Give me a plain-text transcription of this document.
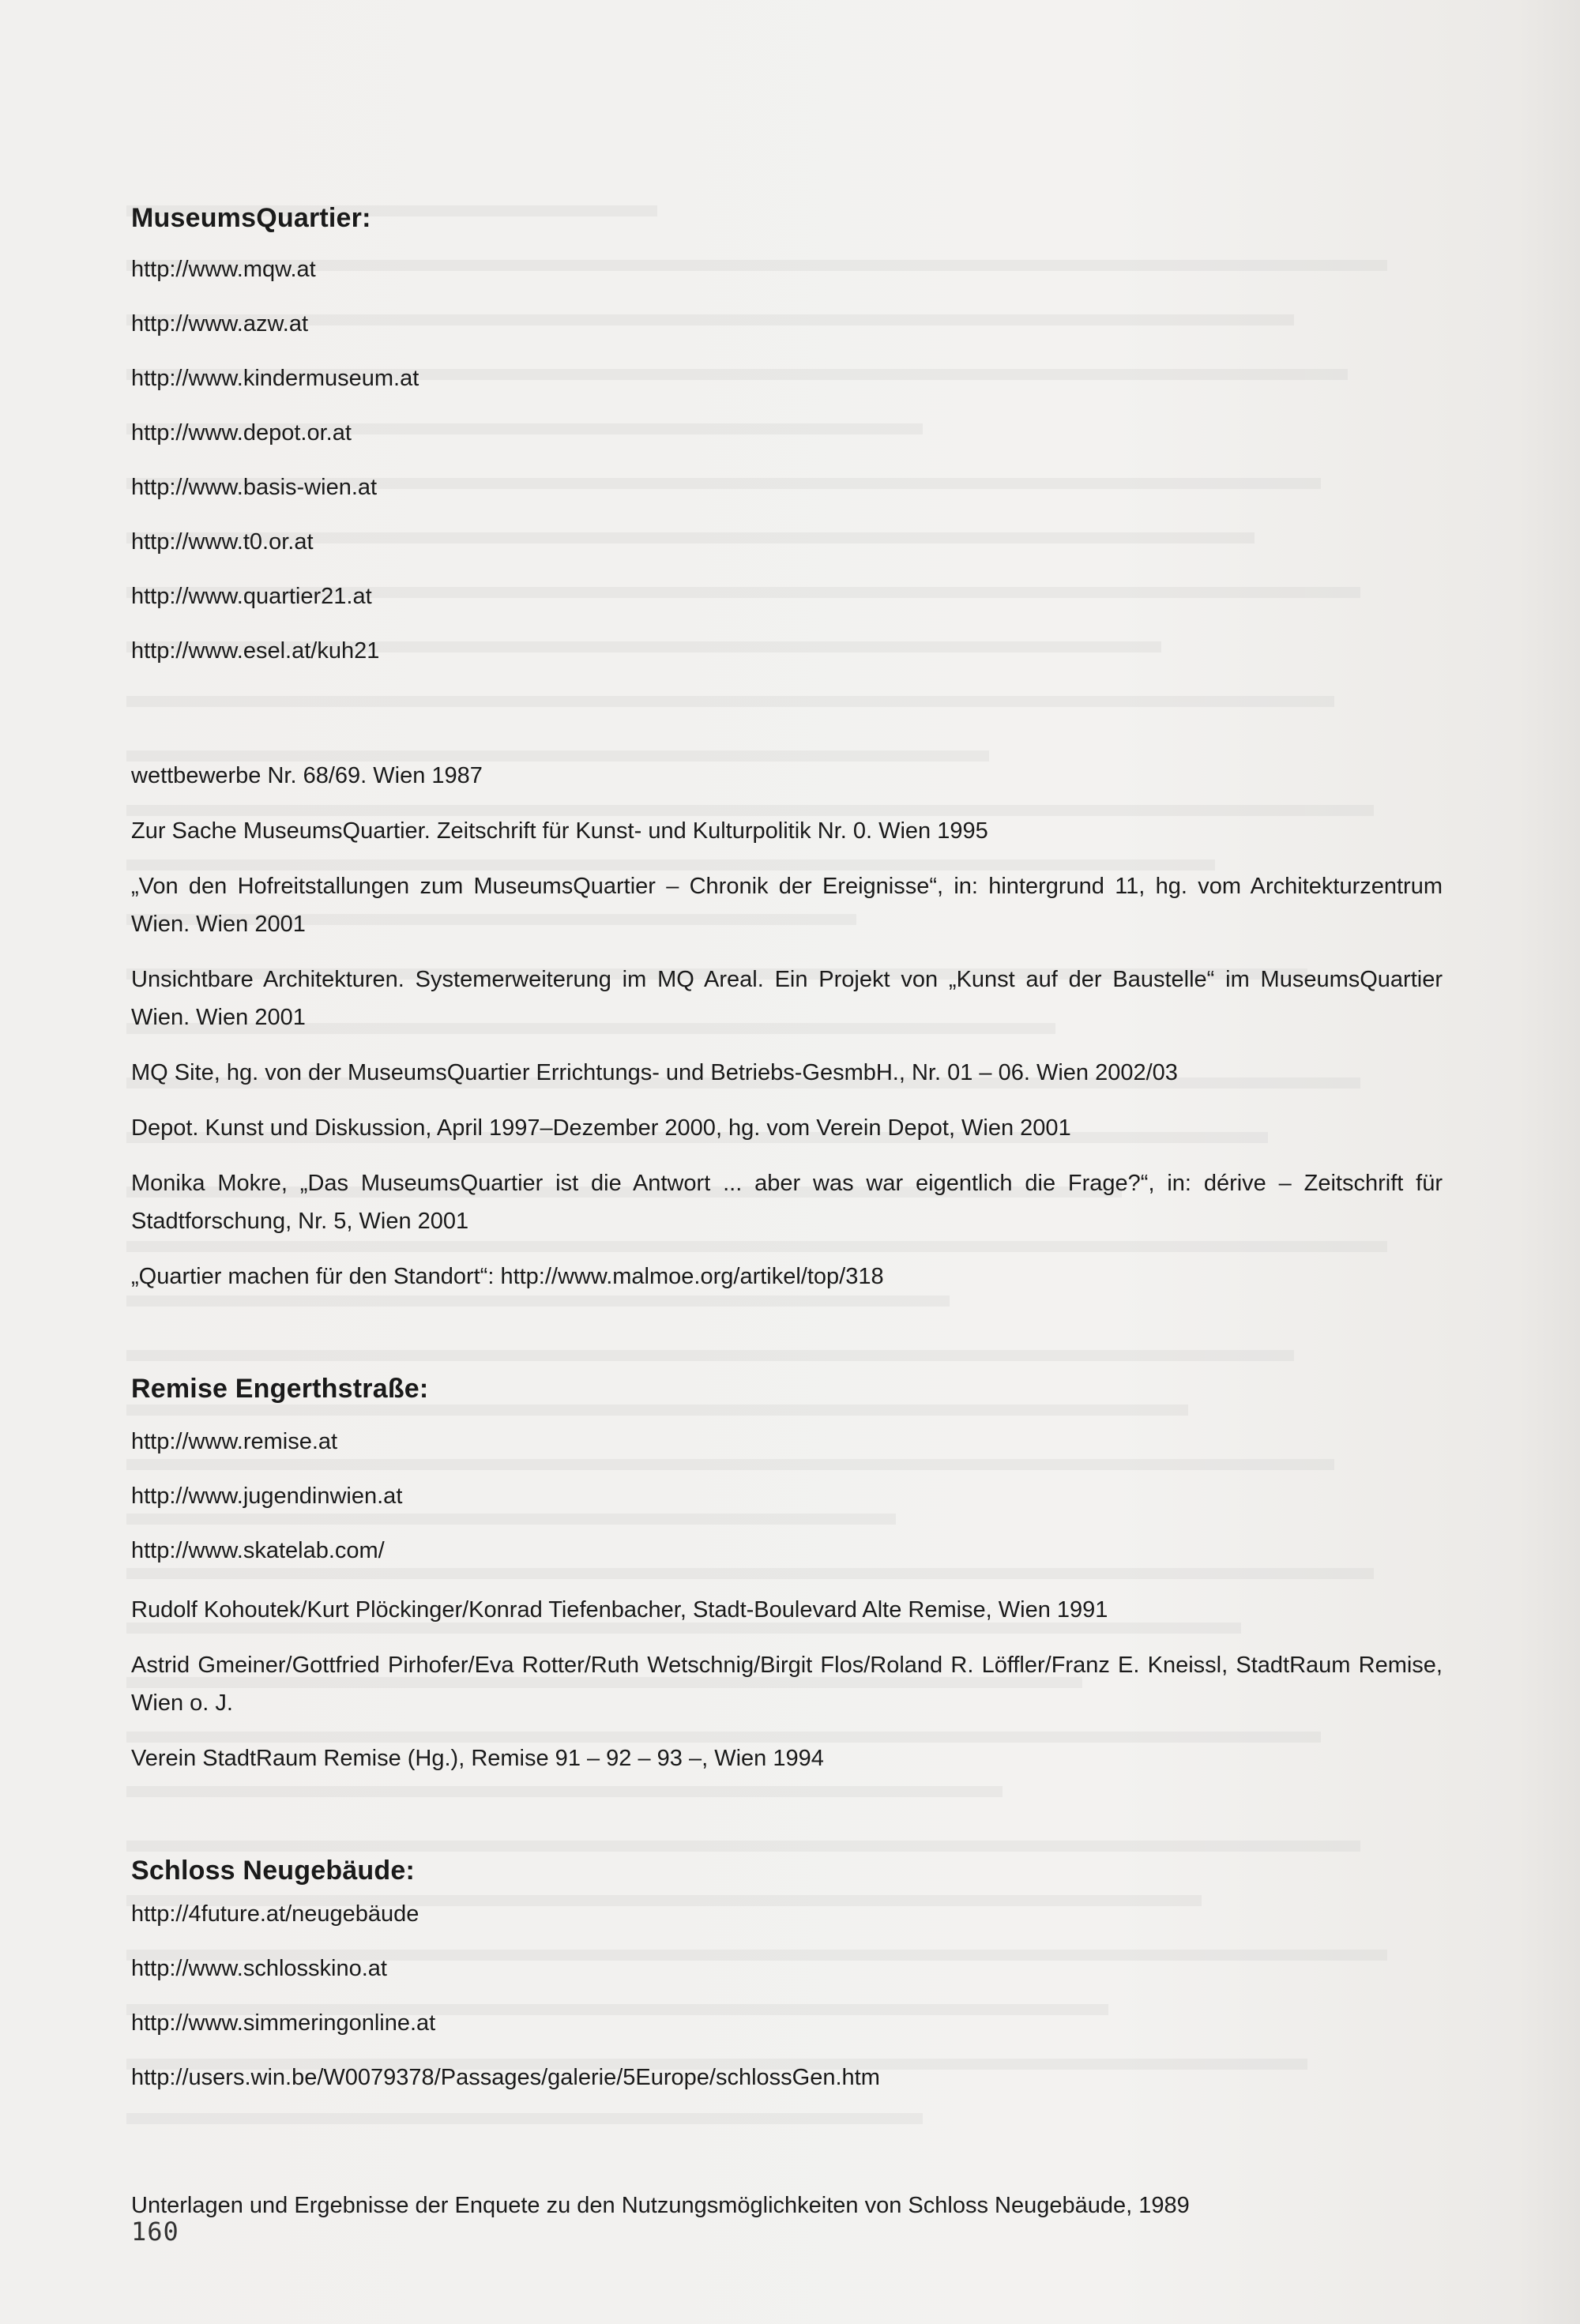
MuseumsQuartier:
http://www.mqw.at
http://www.azw.at
http://www.kindermuseum.at
http://www.depot.or.at
http://www.basis-wien.at
http://www.t0.or.at
http://www.quartier21.at
http://www.esel.at/kuh21
wettbewerbe Nr. 68/69. Wien 1987
Zur Sache MuseumsQuartier. Zeitschrift für Kunst- und Kulturpolitik Nr. 0. Wien 1995
„Von den Hofreitstallungen zum MuseumsQuartier – Chronik der Ereignisse“, in: hintergrund 11, hg. vom Architekturzentrum Wien. Wien 2001
Unsichtbare Architekturen. Systemerweiterung im MQ Areal. Ein Projekt von „Kunst auf der Baustelle“ im MuseumsQuartier Wien. Wien 2001
MQ Site, hg. von der MuseumsQuartier Errichtungs- und Betriebs-GesmbH., Nr. 01 – 06. Wien 2002/03
Depot. Kunst und Diskussion, April 1997–Dezember 2000, hg. vom Verein Depot, Wien 2001
Monika Mokre, „Das MuseumsQuartier ist die Antwort ... aber was war eigentlich die Frage?“, in: dérive – Zeitschrift für Stadtforschung, Nr. 5, Wien 2001
„Quartier machen für den Standort“: http://www.malmoe.org/artikel/top/318
Remise Engerthstraße:
http://www.remise.at
http://www.jugendinwien.at
http://www.skatelab.com/
Rudolf Kohoutek/Kurt Plöckinger/Konrad Tiefenbacher, Stadt-Boulevard Alte Remise, Wien 1991
Astrid Gmeiner/Gottfried Pirhofer/Eva Rotter/Ruth Wetschnig/Birgit Flos/Roland R. Löffler/Franz E. Kneissl, StadtRaum Remise, Wien o. J.
Verein StadtRaum Remise (Hg.), Remise 91 – 92 – 93 –, Wien 1994
Schloss Neugebäude:
http://4future.at/neugebäude
http://www.schlosskino.at
http://www.simmeringonline.at
http://users.win.be/W0079378/Passages/galerie/5Europe/schlossGen.htm
Unterlagen und Ergebnisse der Enquete zu den Nutzungsmöglichkeiten von Schloss Neugebäude, 1989
160
